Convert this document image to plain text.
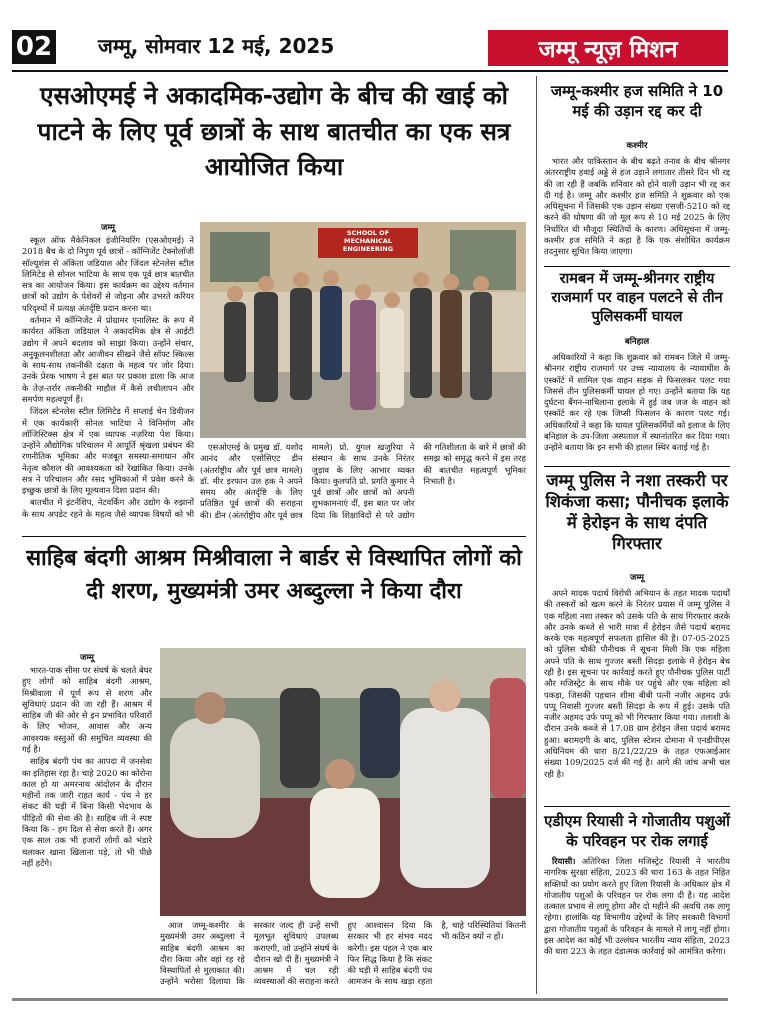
02 जम्मू, सोमवार 12 मई, 2025	जम्मू न्यूज़ मिशन
एसओएमई ने अकादमिक-उद्योग के बीच की खाई को पाटने के लिए पूर्व छात्रों के साथ बातचीत का एक सत्र आयोजित किया
जम्मू

स्कूल ऑफ मैकेनिकल इंजीनियरिंग (एसओएमई) ने 2018 बैच के दो निपुण पूर्व छात्रों - कॉग्निजेंट टेक्नोलॉजी सॉल्यूशंस से अंकिता जडियाल और जिंदल स्टेनलेस स्टील लिमिटेड से सोनल भाटिया के साथ एक पूर्व छात्र बातचीत सत्र का आयोजन किया। इस कार्यक्रम का उद्देश्य वर्तमान छात्रों को उद्योग के पेशेवरों से जोड़ना और उभरते करियर परिदृश्यों में प्रत्यक्ष अंतर्दृष्टि प्रदान करना था।

वर्तमान में कॉग्निजेंट में प्रोग्रामर एनालिस्ट के रूप में कार्यरत अंकिता जडियाल ने अकादमिक क्षेत्र से आईटी उद्योग में अपने बदलाव को साझा किया। उन्होंने संचार, अनुकूलनशीलता और आजीवन सीखने जैसे सॉफ्ट स्किल्स के साथ-साथ तकनीकी दक्षता के महत्व पर जोर दिया। उनके प्रेरक भाषण ने इस बात पर प्रकाश डाला कि आज के तेज़-तर्रार तकनीकी माहौल में कैसे लचीलापन और समर्पण महत्वपूर्ण हैं।

जिंदल स्टेनलेस स्टील लिमिटेड में सप्लाई चेन डिवीजन में एक कार्यकारी सोनल भाटिया ने विनिर्माण और लॉजिस्टिक्स क्षेत्र में एक व्यापक नज़रिया पेश किया। उन्होंने औद्योगिक परिचालन में आपूर्ति श्रृंखला प्रबंधन की रणनीतिक भूमिका और मजबूत समस्या-समाधान और नेतृत्व कौशल की आवश्यकता को रेखांकित किया। उनके सत्र ने परिचालन और रसद भूमिकाओं में प्रवेश करने के इच्छुक छात्रों के लिए मूल्यवान दिशा प्रदान की।

बातचीत में इंटर्नशिप, नेटवर्किंग और उद्योग के रुझानों के साथ अपडेट रहने के महत्व जैसे व्यापक विषयों को भी

SCHOOL OF MECHANICAL ENGINEERING

एसओएमई के प्रमुख डॉ. यशोद आनंद और एसोसिएट डीन (अंतर्राष्ट्रीय और पूर्व छात्र मामले) डॉ. मीर इरफान उल हक ने अपने समय और अंतर्दृष्टि के लिए प्रतिष्ठित पूर्व छात्रों की सराहना की। डीन (अंतर्राष्ट्रीय और पूर्व छात्र मामले) प्रो. युगल खजुरिया ने संस्थान के साथ उनके निरंतर जुड़ाव के लिए आभार व्यक्त किया। कुलपति प्रो. प्रगति कुमार ने पूर्व छात्रों और छात्रों को अपनी शुभकामनाएं दीं, इस बात पर जोर दिया कि शिक्षाविदों से परे उद्योग की गतिशीलता के बारे में छात्रों की समझ को समृद्ध करने में इस तरह की बातचीत महत्वपूर्ण भूमिका निभाती है।

साहिब बंदगी आश्रम मिश्रीवाला ने बार्डर से विस्थापित लोगों को दी शरण, मुख्यमंत्री उमर अब्दुल्ला ने किया दौरा
जम्मू

भारत-पाक सीमा पर संघर्ष के चलते बेघर हुए लोगों को साहिब बंदगी आश्रम, मिश्रीवाला में पूर्ण रूप से शरण और सुविधाएं प्रदान की जा रही हैं। आश्रम में साहिब जी की ओर से इन प्रभावित परिवारों के लिए भोजन, आवास और अन्य आवश्यक वस्तुओं की समुचित व्यवस्था की गई है।

साहिब बंदगी पंथ का आपदा में जनसेवा का इतिहास रहा है। चाहे 2020 का कोरोना काल हो या अमरनाथ आंदोलन के दौरान महीनों तक जारी राहत कार्य - पंथ ने हर संकट की घड़ी में बिना किसी भेदभाव के पीड़ितों की सेवा की है। साहिब जी ने स्पष्ट किया कि - हम दिल से सेवा करते हैं। अगर एक साल तक भी हजारों लोगों को भंडारे चलाकर खाना खिलाना पड़े, तो भी पीछे नहीं हटेंगे।

आज जम्मू-कश्मीर के मुख्यमंत्री उमर अब्दुल्ला ने साहिब बंदगी आश्रम का दौरा किया और वहां रह रहे विस्थापितों से मुलाकात की। उन्होंने भरोसा दिलाया कि सरकार जल्द ही उन्हें सभी मूलभूत सुविधाएं उपलब्ध कराएगी, जो उन्होंने संघर्ष के दौरान खो दी हैं। मुख्यमंत्री ने आश्रम में चल रही व्यवस्थाओं की सराहना करते हुए आश्वासन दिया कि सरकार भी हर संभव मदद करेगी। इस पहल ने एक बार फिर सिद्ध किया है कि संकट की घड़ी में साहिब बंदगी पंथ आमजन के साथ खड़ा रहता है, चाहे परिस्थितियां कितनी भी कठिन क्यों न हों।

जम्मू-कश्मीर हज समिति ने 10 मई की उड़ान रद्द कर दी
कश्मीर
भारत और पाकिस्तान के बीच बढ़ते तनाव के बीच श्रीनगर अंतरराष्ट्रीय हवाई अड्डे से हज उड़ानें लगातार तीसरे दिन भी रद्द की जा रही हैं जबकि शनिवार को होने वाली उड़ान भी रद्द कर दी गई है। जम्मू और कश्मीर हज समिति ने शुक्रवार को एक अधिसूचना में जिसकी एक उड़ान संख्या एसजी-5210 को रद्द करने की घोषणा की जो मूल रूप से 10 मई 2025 के लिए निर्धारित थी मौजूदा स्थितियों के कारण। अधिसूचना में जम्मू-कश्मीर हज समिति ने कहा है कि एक संशोधित कार्यक्रम तदनुसार सूचित किया जाएगा।
रामबन में जम्मू-श्रीनगर राष्ट्रीय राजमार्ग पर वाहन पलटने से तीन पुलिसकर्मी घायल
बनिहाल
अधिकारियों ने कहा कि शुक्रवार को रामबन जिले में जम्मू-श्रीनगर राष्ट्रीय राजमार्ग पर उच्च न्यायालय के न्यायाधीश के एस्कॉर्ट में शामिल एक वाहन सड़क से फिसलकर पलट गया जिससे तीन पुलिसकर्मी घायल हो गए। उन्होंने बताया कि यह दुर्घटना बैंगन-नाचिलाना इलाके में हुई जब जज के वाहन को एस्कॉर्ट कर रहे एक जिप्सी फिसलन के कारण पलट गई। अधिकारियों ने कहा कि घायल पुलिसकर्मियों को इलाज के लिए बनिहाल के उप-जिला अस्पताल में स्थानांतरित कर दिया गया। उन्होंने बताया कि इन सभी की हालत स्थिर बताई गई है।
जम्मू पुलिस ने नशा तस्करी पर शिकंजा कसा; पौनीचक इलाके में हेरोइन के साथ दंपति गिरफ्तार
जम्मू
अपने मादक पदार्थ विरोधी अभियान के तहत मादक पदार्थों की तस्करों को खत्म करने के निरंतर प्रयास में जम्मू पुलिस ने एक महिला नशा तस्कर को उसके पति के साथ गिरफ्तार करके और उनके कब्जे से भारी मात्रा में हेरोइन जैसे पदार्थ बरामद करके एक महत्वपूर्ण सफलता हासिल की है। 07-05-2025 को पुलिस चौकी पौनीचक में सूचना मिली कि एक महिला अपने पति के साथ गुज्जर बस्ती सिदड़ा इलाके में हेरोइन बेच रही है। इस सूचना पर कार्रवाई करते हुए पौनीचक पुलिस पार्टी और मजिस्ट्रेट के साथ मौके पर पहुंचे और एक महिला को पकड़ा, जिसकी पहचान शीमा बीबी पत्नी नजीर अहमद उर्फ पप्पू निवासी गुज्जर बस्ती सिदड़ा के रूप में हुई। उसके पति नजीर अहमद उर्फ पप्पू को भी गिरफ्तार किया गया। तलाशी के दौरान उनके कब्जे से 17.08 ग्राम हेरोइन जैसा पदार्थ बरामद हुआ। बरामदगी के बाद, पुलिस स्टेशन दोमाना में एनडीपीएस अधिनियम की धारा 8/21/22/29 के तहत एफआईआर संख्या 109/2025 दर्ज की गई है। आगे की जांच अभी चल रही है।
एडीएम रियासी ने गोजातीय पशुओं के परिवहन पर रोक लगाई
रियासी। अतिरिक्त जिला मजिस्ट्रेट रियासी ने भारतीय नागरिक सुरक्षा संहिता, 2023 की धारा 163 के तहत निहित शक्तियों का प्रयोग करते हुए जिला रियासी के अधिकार क्षेत्र में गोजातीय पशुओं के परिवहन पर रोक लगा दी है। यह आदेश तत्काल प्रभाव से लागू होगा और दो महीने की अवधि तक लागू रहेगा। हालांकि यह विभागीय उद्देश्यों के लिए सरकारी विभागों द्वारा गोजातीय पशुओं के परिवहन के मामले में लागू नहीं होगा। इस आदेश का कोई भी उल्लंघन भारतीय न्याय संहिता, 2023 की धारा 223 के तहत दंडात्मक कार्रवाई को आमंत्रित करेगा।
